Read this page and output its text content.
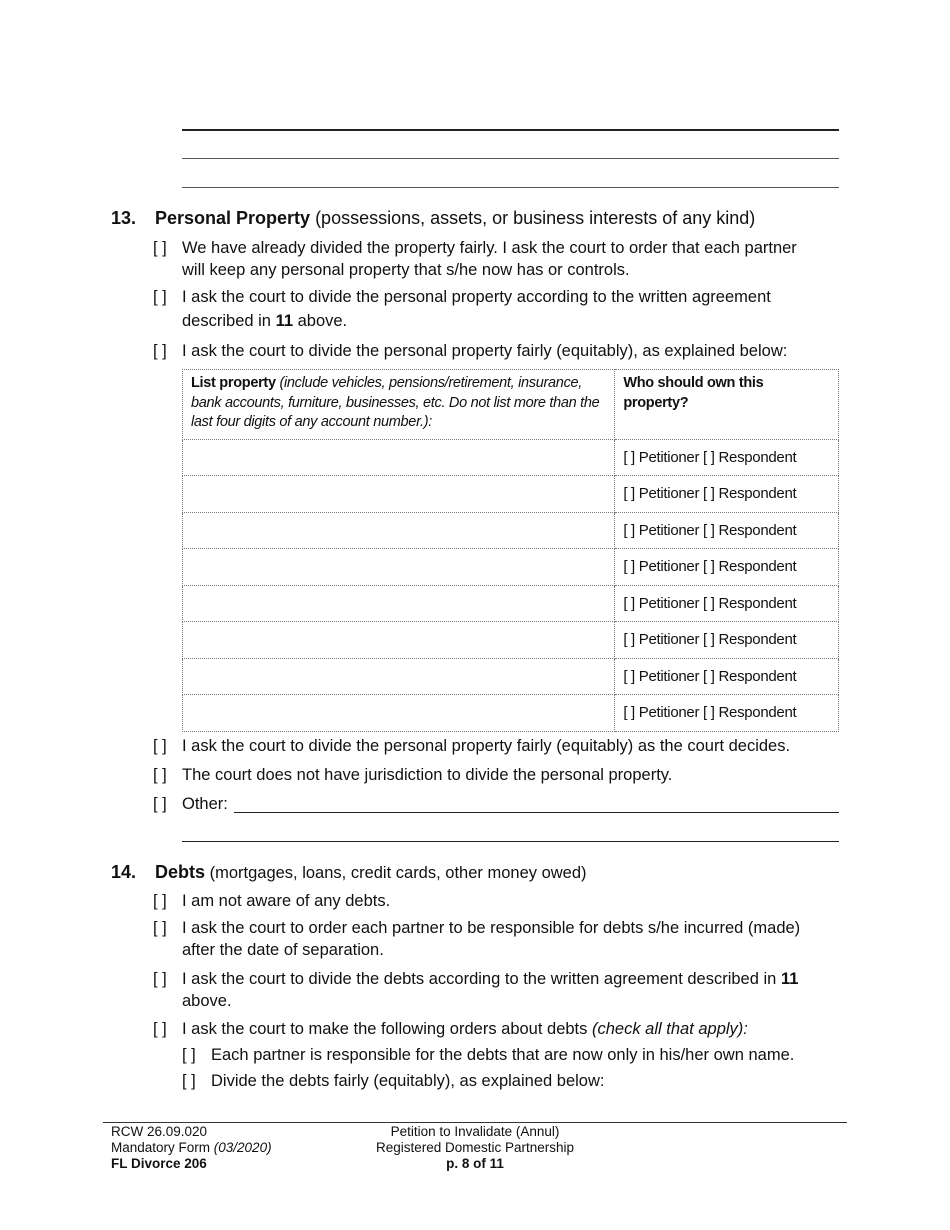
13. Personal Property (possessions, assets, or business interests of any kind)
[ ] We have already divided the property fairly. I ask the court to order that each partner
will keep any personal property that s/he now has or controls.
[ ] I ask the court to divide the personal property according to the written agreement
described in 11 above.
[ ] I ask the court to divide the personal property fairly (equitably), as explained below:
List property (include vehicles, pensions/retirement, insurance, bank accounts, furniture, businesses, etc. Do not list more than the last four digits of any account number.):	Who should own this property?

	[ ] Petitioner [ ] Respondent

	[ ] Petitioner [ ] Respondent

	[ ] Petitioner [ ] Respondent

	[ ] Petitioner [ ] Respondent

	[ ] Petitioner [ ] Respondent

	[ ] Petitioner [ ] Respondent

	[ ] Petitioner [ ] Respondent

	[ ] Petitioner [ ] Respondent
[ ] I ask the court to divide the personal property fairly (equitably) as the court decides.
[ ] The court does not have jurisdiction to divide the personal property.
[ ] Other:
14. Debts (mortgages, loans, credit cards, other money owed)
[ ] I am not aware of any debts.
[ ] I ask the court to order each partner to be responsible for debts s/he incurred (made)
after the date of separation.
[ ] I ask the court to divide the debts according to the written agreement described in 11
above.
[ ] I ask the court to make the following orders about debts (check all that apply):
[ ] Each partner is responsible for the debts that are now only in his/her own name.
[ ] Divide the debts fairly (equitably), as explained below:
RCW 26.09.020
Mandatory Form (03/2020)
FL Divorce 206
Petition to Invalidate (Annul)
Registered Domestic Partnership
p. 8 of 11
